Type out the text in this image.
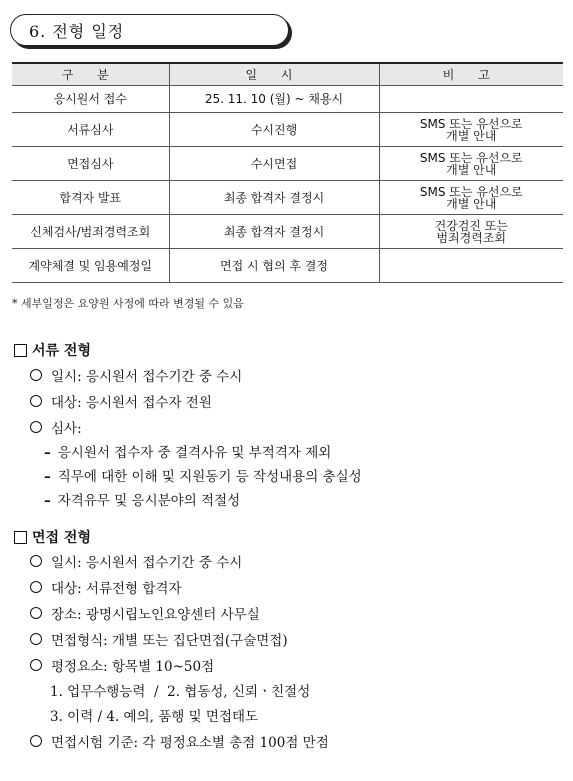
6. 전형 일정
구 분	일 시	비 고
응시원서 접수	25. 11. 10 (월) ~ 채용시	
서류심사	수시진행	SMS 또는 유선으로
개별 안내

면접심사	수시면접	SMS 또는 유선으로
개별 안내

합격자 발표	최종 합격자 결정시	SMS 또는 유선으로
개별 안내

신체검사/범죄경력조회	최종 합격자 결정시	건강검진 또는
범죄경력조회

계약체결 및 임용예정일	면접 시 협의 후 결정	
* 세부일정은 요양원 사정에 따라 변경될 수 있음
서류 전형
일시: 응시원서 접수기간 중 수시
대상: 응시원서 접수자 전원
심사:
– 응시원서 접수자 중 결격사유 및 부적격자 제외
– 직무에 대한 이해 및 지원동기 등 작성내용의 충실성
– 자격유무 및 응시분야의 적절성
면접 전형
일시: 응시원서 접수기간 중 수시
대상: 서류전형 합격자
장소: 광명시립노인요양센터 사무실
면접형식: 개별 또는 집단면접(구술면접)
평정요소: 항목별 10~50점
1. 업무수행능력  /  2. 협동성, 신뢰ㆍ친절성
3. 이력 / 4. 예의, 품행 및 면접태도
면접시험 기준: 각 평정요소별 총점 100점 만점
